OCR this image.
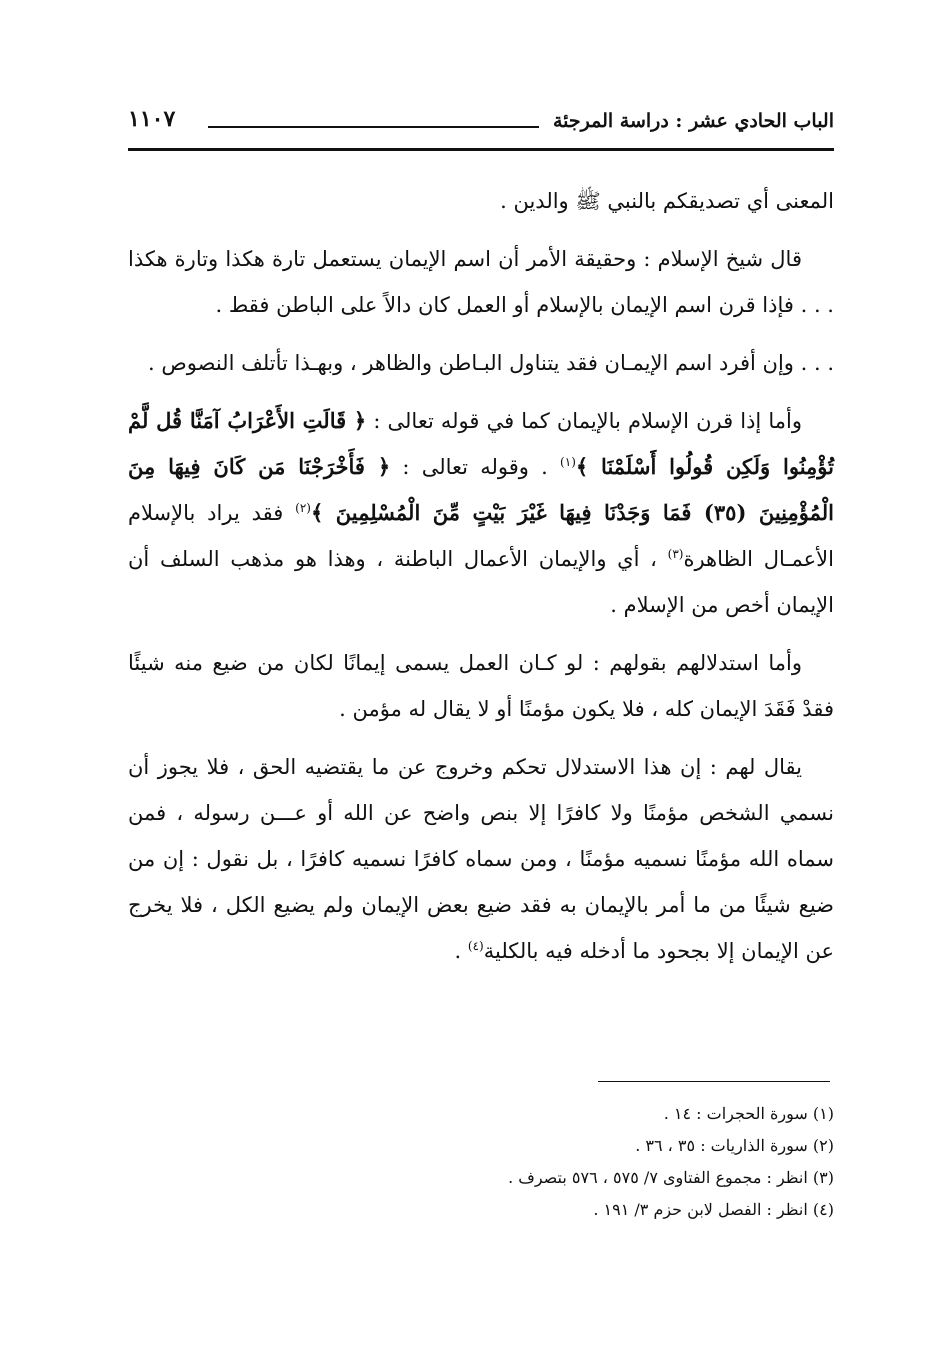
الباب الحادي عشر : دراسة المرجئة
١١٠٧

المعنى أي تصديقكم بالنبي ﷺ والدين .

قال شيخ الإسلام : وحقيقة الأمر أن اسم الإيمان يستعمل تارة هكذا وتارة هكذا . . . فإذا قرن اسم الإيمان بالإسلام أو العمل كان دالاً على الباطن فقط .

. . . وإن أفرد اسم الإيمـان فقد يتناول البـاطن والظاهر ، وبهـذا تأتلف النصوص .

وأما إذا قرن الإسلام بالإيمان كما في قوله تعالى : ﴿ قَالَتِ الأَعْرَابُ آمَنَّا قُل لَّمْ تُؤْمِنُوا وَلَكِن قُولُوا أَسْلَمْنَا ﴾$^{(١)}$ . وقوله تعالى : ﴿ فَأَخْرَجْنَا مَن كَانَ فِيهَا مِنَ الْمُؤْمِنِينَ (٣٥) فَمَا وَجَدْنَا فِيهَا غَيْرَ بَيْتٍ مِّنَ الْمُسْلِمِينَ ﴾$^{(٢)}$ فقد يراد بالإسلام الأعمـال الظاهرة$^{(٣)}$ ، أي والإيمان الأعمال الباطنة ، وهذا هو مذهب السلف أن الإيمان أخص من الإسلام .

وأما استدلالهم بقولهم : لو كـان العمل يسمى إيمانًا لكان من ضيع منه شيئًا فقدْ فَقَدَ الإيمان كله ، فلا يكون مؤمنًا أو لا يقال له مؤمن .

يقال لهم : إن هذا الاستدلال تحكم وخروج عن ما يقتضيه الحق ، فلا يجوز أن نسمي الشخص مؤمنًا ولا كافرًا إلا بنص واضح عن الله أو عـــن رسوله ، فمن سماه الله مؤمنًا نسميه مؤمنًا ، ومن سماه كافرًا نسميه كافرًا ، بل نقول : إن من ضيع شيئًا من ما أمر بالإيمان به فقد ضيع بعض الإيمان ولم يضيع الكل ، فلا يخرج عن الإيمان إلا بجحود ما أدخله فيه بالكلية$^{(٤)}$ .

(١) سورة الحجرات : ١٤ .

(٢) سورة الذاريات : ٣٥ ، ٣٦ .

(٣) انظر : مجموع الفتاوى ٧/ ٥٧٥ ، ٥٧٦ بتصرف .

(٤) انظر : الفصل لابن حزم ٣/ ١٩١ .
